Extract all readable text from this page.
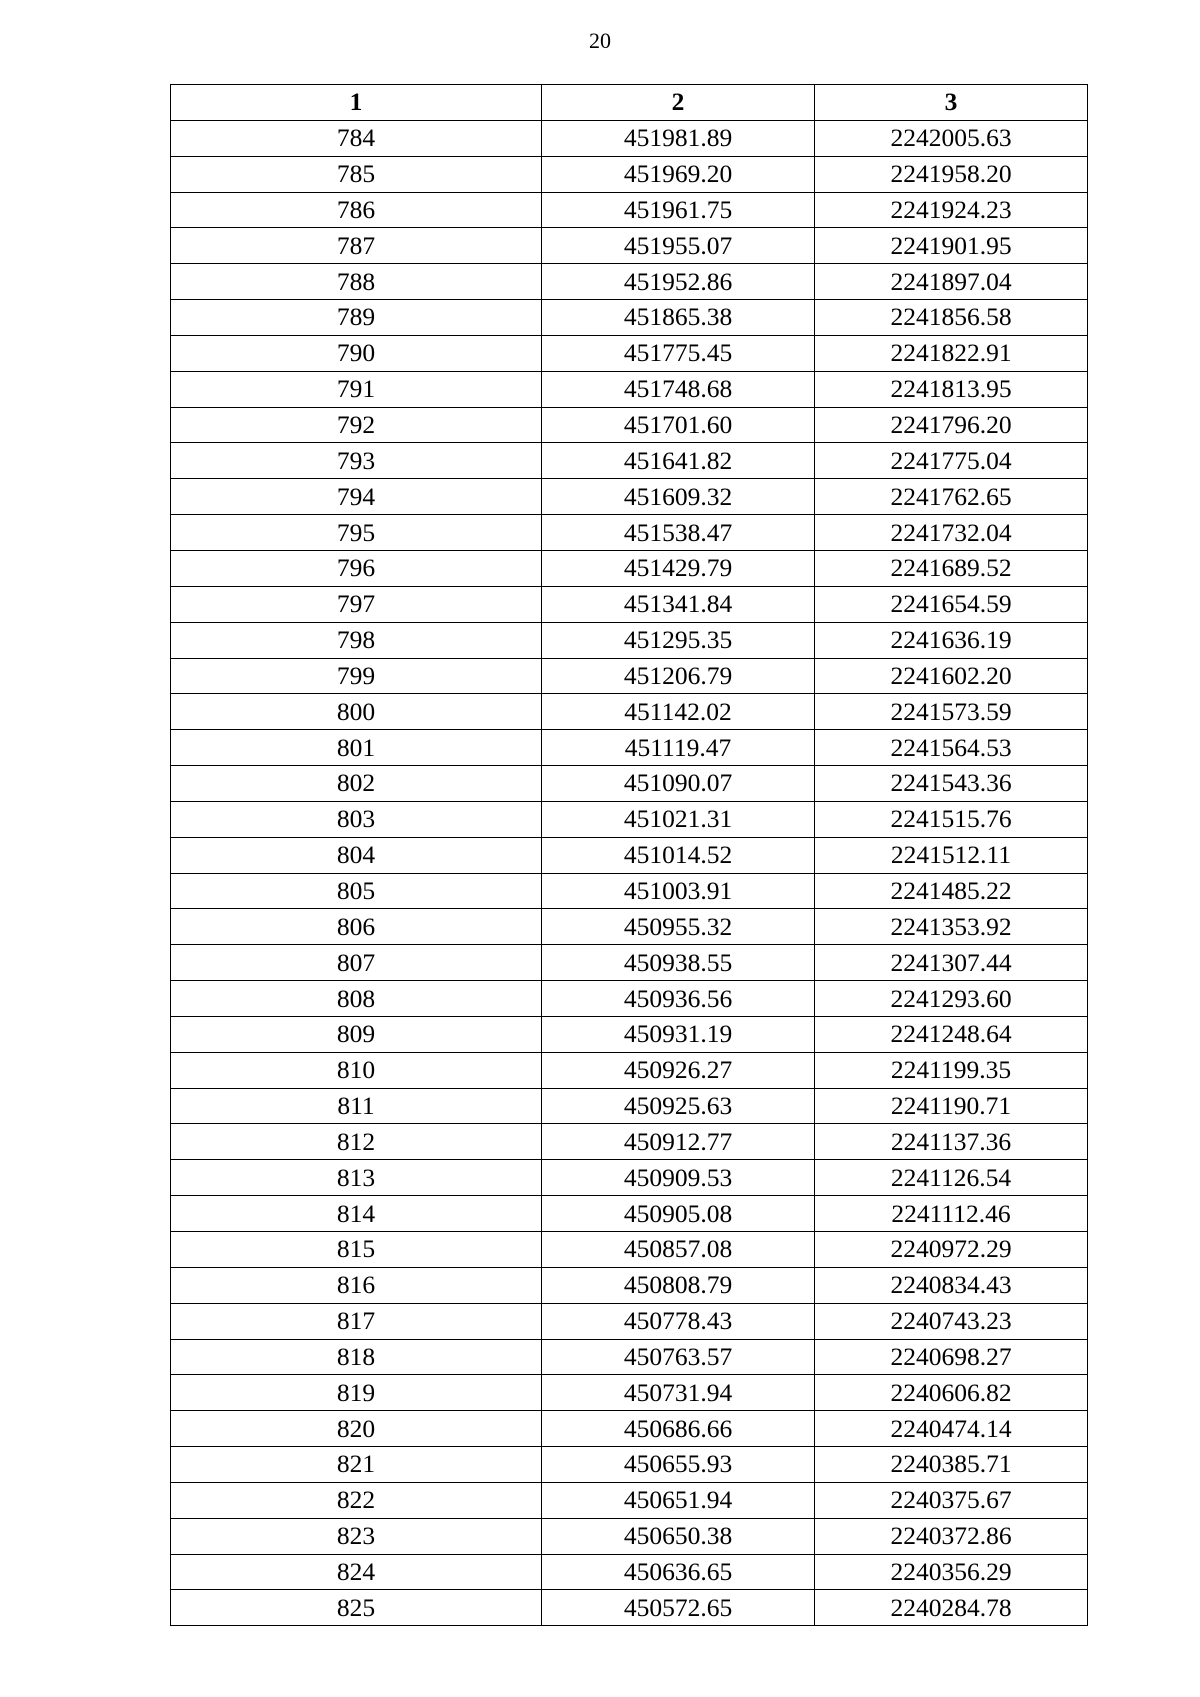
20
1	2	3
784	451981.89	2242005.63
785	451969.20	2241958.20
786	451961.75	2241924.23
787	451955.07	2241901.95
788	451952.86	2241897.04
789	451865.38	2241856.58
790	451775.45	2241822.91
791	451748.68	2241813.95
792	451701.60	2241796.20
793	451641.82	2241775.04
794	451609.32	2241762.65
795	451538.47	2241732.04
796	451429.79	2241689.52
797	451341.84	2241654.59
798	451295.35	2241636.19
799	451206.79	2241602.20
800	451142.02	2241573.59
801	451119.47	2241564.53
802	451090.07	2241543.36
803	451021.31	2241515.76
804	451014.52	2241512.11
805	451003.91	2241485.22
806	450955.32	2241353.92
807	450938.55	2241307.44
808	450936.56	2241293.60
809	450931.19	2241248.64
810	450926.27	2241199.35
811	450925.63	2241190.71
812	450912.77	2241137.36
813	450909.53	2241126.54
814	450905.08	2241112.46
815	450857.08	2240972.29
816	450808.79	2240834.43
817	450778.43	2240743.23
818	450763.57	2240698.27
819	450731.94	2240606.82
820	450686.66	2240474.14
821	450655.93	2240385.71
822	450651.94	2240375.67
823	450650.38	2240372.86
824	450636.65	2240356.29
825	450572.65	2240284.78
